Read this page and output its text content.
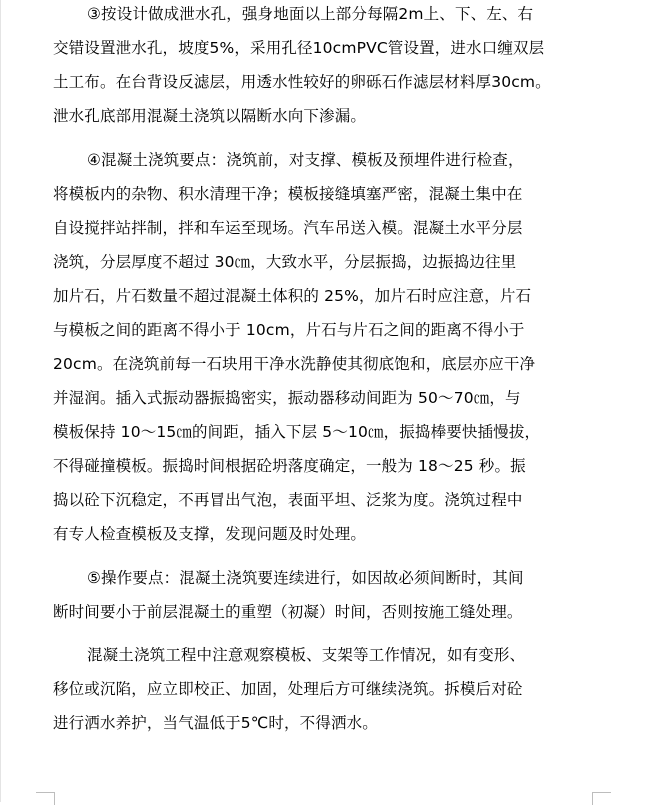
③按设计做成泄水孔，强身地面以上部分每隔2m上、下、左、右
交错设置泄水孔，坡度5%，采用孔径10cmPVC管设置，进水口缠双层
土工布。在台背设反滤层，用透水性较好的卵砾石作滤层材料厚30cm。
泄水孔底部用混凝土浇筑以隔断水向下渗漏。
④混凝土浇筑要点：浇筑前，对支撑、模板及预埋件进行检查，
将模板内的杂物、积水清理干净；模板接缝填塞严密，混凝土集中在
自设搅拌站拌制，拌和车运至现场。汽车吊送入模。混凝土水平分层
浇筑，分层厚度不超过 30㎝，大致水平，分层振捣，边振捣边往里
加片石，片石数量不超过混凝土体积的 25%，加片石时应注意，片石
与模板之间的距离不得小于 10cm，片石与片石之间的距离不得小于
20cm。在浇筑前每一石块用干净水洗静使其彻底饱和，底层亦应干净
并湿润。插入式振动器振捣密实，振动器移动间距为 50～70㎝，与
模板保持 10～15㎝的间距，插入下层 5～10㎝，振捣棒要快插慢拔，
不得碰撞模板。振捣时间根据砼坍落度确定，一般为 18～25 秒。振
捣以砼下沉稳定，不再冒出气泡，表面平坦、泛浆为度。浇筑过程中
有专人检查模板及支撑，发现问题及时处理。
⑤操作要点：混凝土浇筑要连续进行，如因故必须间断时，其间
断时间要小于前层混凝土的重塑（初凝）时间，否则按施工缝处理。
混凝土浇筑工程中注意观察模板、支架等工作情况，如有变形、
移位或沉陷，应立即校正、加固，处理后方可继续浇筑。拆模后对砼
进行洒水养护，当气温低于5℃时，不得洒水。
